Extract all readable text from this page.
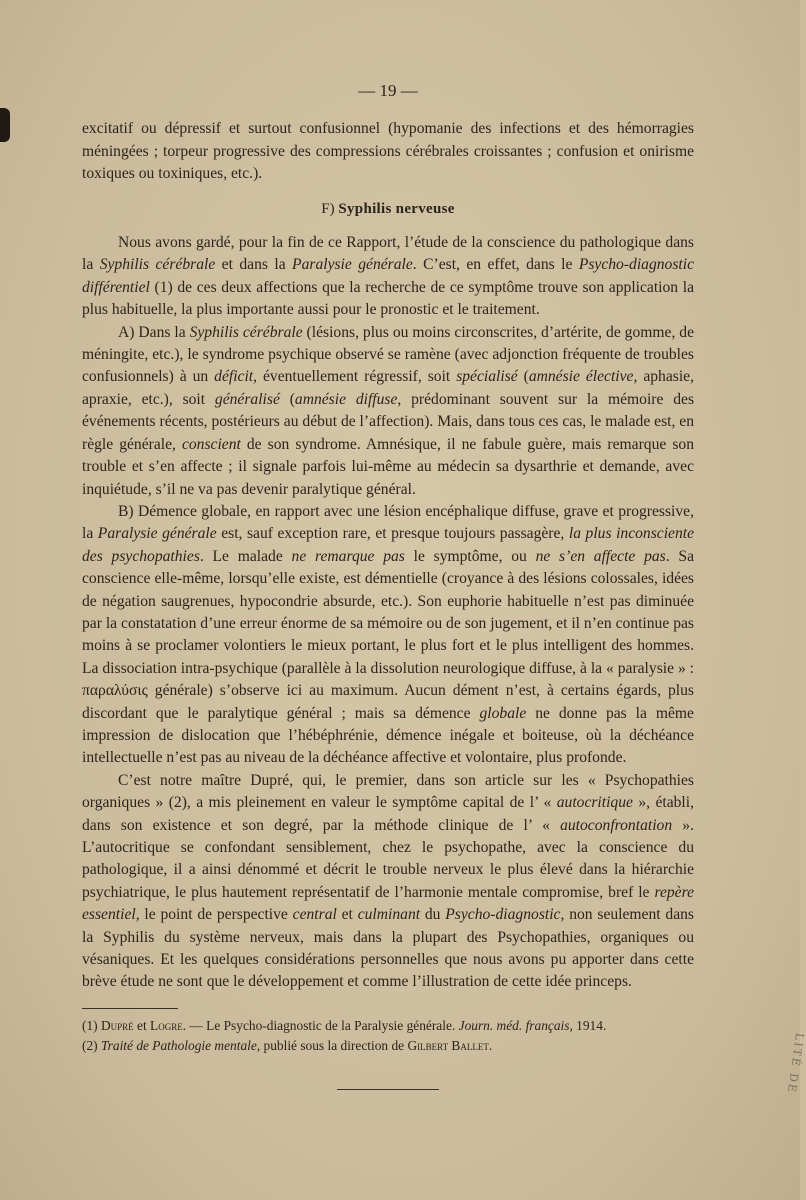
— 19 —

excitatif ou dépressif et surtout confusionnel (hypomanie des infections et des hémorragies méningées ; torpeur progressive des compressions cérébrales croissantes ; confusion et onirisme toxiques ou toxiniques, etc.).

F) Syphilis nerveuse

Nous avons gardé, pour la fin de ce Rapport, l’étude de la conscience du pathologique dans la Syphilis cérébrale et dans la Paralysie générale. C’est, en effet, dans le Psycho-diagnostic différentiel (1) de ces deux affections que la recherche de ce symptôme trouve son application la plus habituelle, la plus importante aussi pour le pronostic et le traitement.

A) Dans la Syphilis cérébrale (lésions, plus ou moins circonscrites, d’artérite, de gomme, de méningite, etc.), le syndrome psychique observé se ramène (avec adjonction fréquente de troubles confusionnels) à un déficit, éventuellement régressif, soit spécialisé (amnésie élective, aphasie, apraxie, etc.), soit généralisé (amnésie diffuse, prédominant souvent sur la mémoire des événements récents, postérieurs au début de l’affection). Mais, dans tous ces cas, le malade est, en règle générale, conscient de son syndrome. Amnésique, il ne fabule guère, mais remarque son trouble et s’en affecte ; il signale parfois lui-même au médecin sa dysarthrie et demande, avec inquiétude, s’il ne va pas devenir paralytique général.

B) Démence globale, en rapport avec une lésion encéphalique diffuse, grave et progressive, la Paralysie générale est, sauf exception rare, et presque toujours passagère, la plus inconsciente des psychopathies. Le malade ne remarque pas le symptôme, ou ne s’en affecte pas. Sa conscience elle-même, lorsqu’elle existe, est démentielle (croyance à des lésions colossales, idées de négation saugrenues, hypocondrie absurde, etc.). Son euphorie habituelle n’est pas diminuée par la constatation d’une erreur énorme de sa mémoire ou de son jugement, et il n’en continue pas moins à se proclamer volontiers le mieux portant, le plus fort et le plus intelligent des hommes. La dissociation intra-psychique (parallèle à la dissolution neurologique diffuse, à la « paralysie » : παραλύσις générale) s’observe ici au maximum. Aucun dément n’est, à certains égards, plus discordant que le paralytique général ; mais sa démence globale ne donne pas la même impression de dislocation que l’hébéphrénie, démence inégale et boiteuse, où la déchéance intellectuelle n’est pas au niveau de la déchéance affective et volontaire, plus profonde.

C’est notre maître Dupré, qui, le premier, dans son article sur les « Psychopathies organiques » (2), a mis pleinement en valeur le symptôme capital de l’ « autocritique », établi, dans son existence et son degré, par la méthode clinique de l’ « autoconfrontation ». L’autocritique se confondant sensiblement, chez le psychopathe, avec la conscience du pathologique, il a ainsi dénommé et décrit le trouble nerveux le plus élevé dans la hiérarchie psychiatrique, le plus hautement représentatif de l’harmonie mentale compromise, bref le repère essentiel, le point de perspective central et culminant du Psycho-diagnostic, non seulement dans la Syphilis du système nerveux, mais dans la plupart des Psychopathies, organiques ou vésaniques. Et les quelques considérations personnelles que nous avons pu apporter dans cette brève étude ne sont que le développement et comme l’illustration de cette idée princeps.

(1) Dupré et Logre. — Le Psycho-diagnostic de la Paralysie générale. Journ. méd. français, 1914.

(2) Traité de Pathologie mentale, publié sous la direction de Gilbert Ballet.	LITÉ DE
